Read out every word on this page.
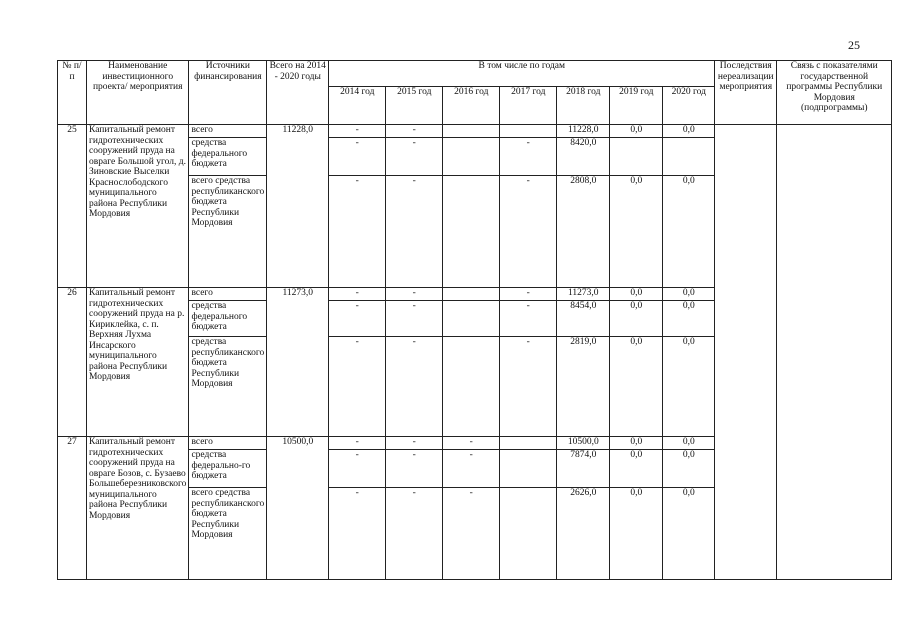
25
№ п/п	Наименование инвестиционного проекта/ мероприятия	Источники финансирования	Всего на 2014 - 2020 годы	В том числе по годам							Последствия нереализации мероприятия	Связь с показателями государственной программы Республики Мордовия (подпрограммы)
				2014 год	2015 год	2016 год	2017 год	2018 год	2019 год	2020 год		
25	Капитальный ремонт гидротехнических сооружений пруда на овраге Большой угол, д. Зиновские Выселки Краснослободского муниципального района Республики Мордовия	всего	11228,0	-	-			11228,0	0,0	0,0		
		средства федерального бюджета		-	-		-	8420,0				
		всего средства республиканского бюджета Республики Мордовия		-	-		-	2808,0	0,0	0,0		
26	Капитальный ремонт гидротехнических сооружений пруда на р. Кириклейка, с. п. Верхняя Лухма Инсарского муниципального района Республики Мордовия	всего	11273,0	-	-		-	11273,0	0,0	0,0		
		средства федерального бюджета		-	-		-	8454,0	0,0	0,0		
		средства республиканского бюджета Республики Мордовия		-	-		-	2819,0	0,0	0,0		
27	Капитальный ремонт гидротехнических сооружений пруда на овраге Бозов, с. Бузаево Большеберезниковского муниципального района Республики Мордовия	всего	10500,0	-	-	-		10500,0	0,0	0,0		
		средства федерально-го бюджета		-	-	-		7874,0	0,0	0,0		
		всего средства республиканского бюджета Республики Мордовия		-	-	-		2626,0	0,0	0,0		
